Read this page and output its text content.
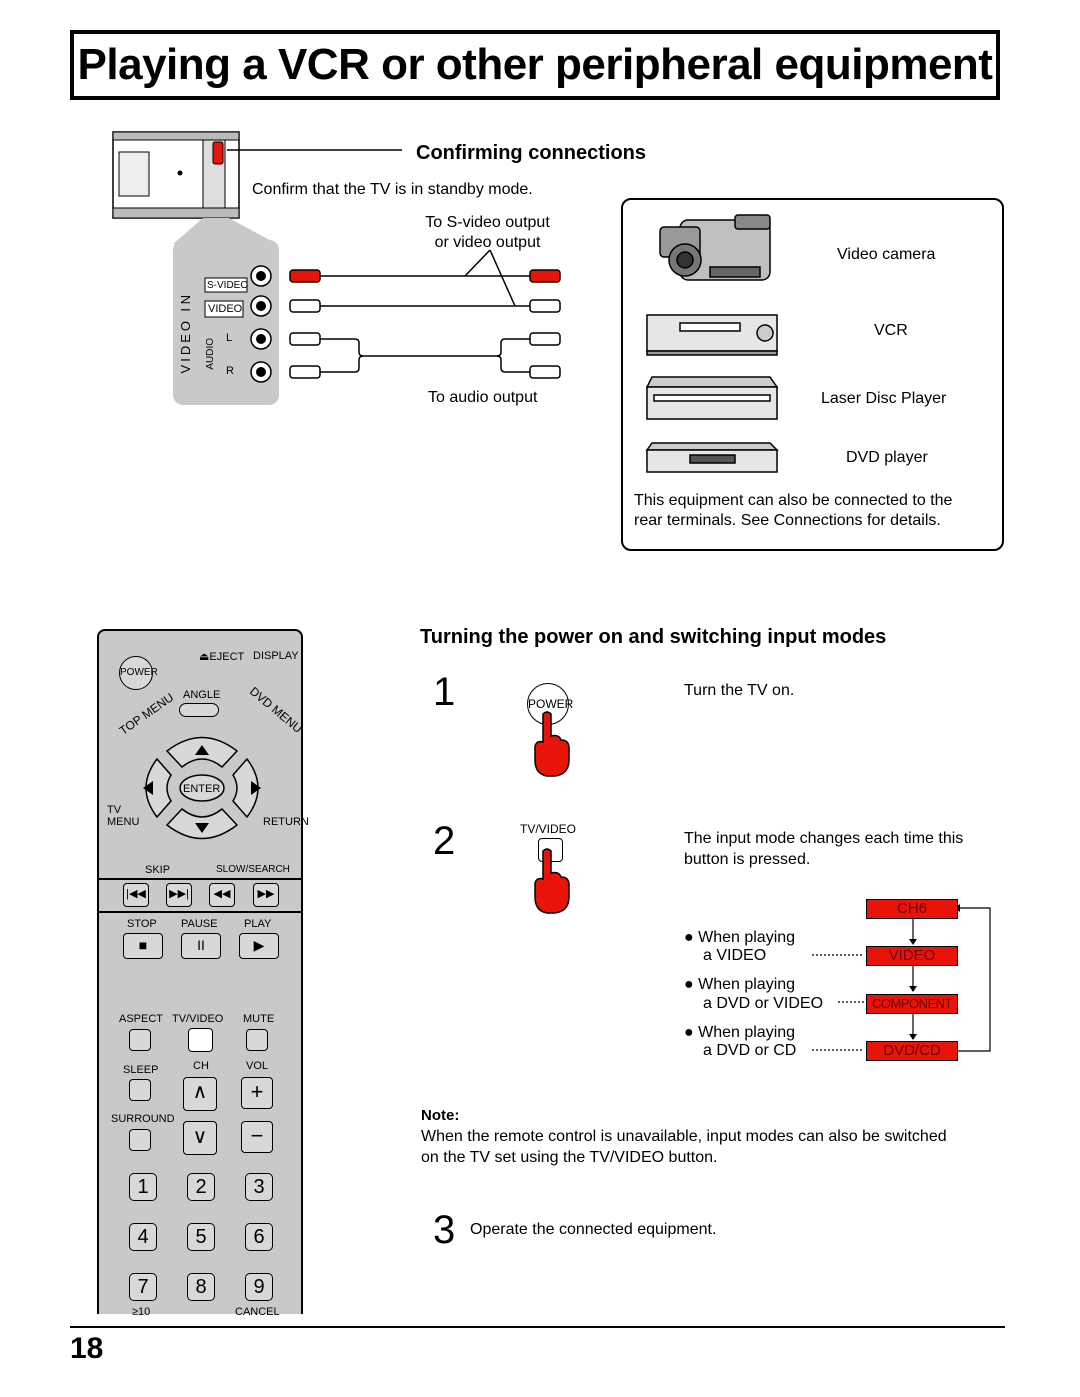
Playing a VCR or other peripheral equipment
S-VIDEO
VIDEO
I N
VIDEO AUDIO L
R
Confirming connections
Confirm that the TV is in standby mode.
To S-video output
or video output
To audio output
Video camera
VCR
Laser Disc Player
DVD player
This equipment can also be connected to the
rear terminals. See Connections for details.
Turning the power on and switching input modes
1	POWER
Turn the TV on.
2	TV/VIDEO
The input mode changes each time this
button is pressed.
CH6
VIDEO
COMPONENT
DVD/CD
● When playing
a VIDEO
● When playing
a DVD or VIDEO
● When playing
a DVD or CD
Note:
When the remote control is unavailable, input modes can also be switched
on the TV set using the TV/VIDEO button.
3 Operate the connected equipment.
POWER
⏏EJECT DISPLAY
ANGLE
TOP MENU	DVD MENU
ENTER
TV
MENU	RETURN
SKIP	SLOW/SEARCH
|◀◀ ▶▶|	◀◀	▶▶
STOP PAUSE PLAY
■	II	▶
ASPECT TV/VIDEO MUTE
SLEEP	CH	VOL
∧	+
SURROUND
∨	−
1	2	3
4	5	6
7	8	9
≥10	CANCEL
18
